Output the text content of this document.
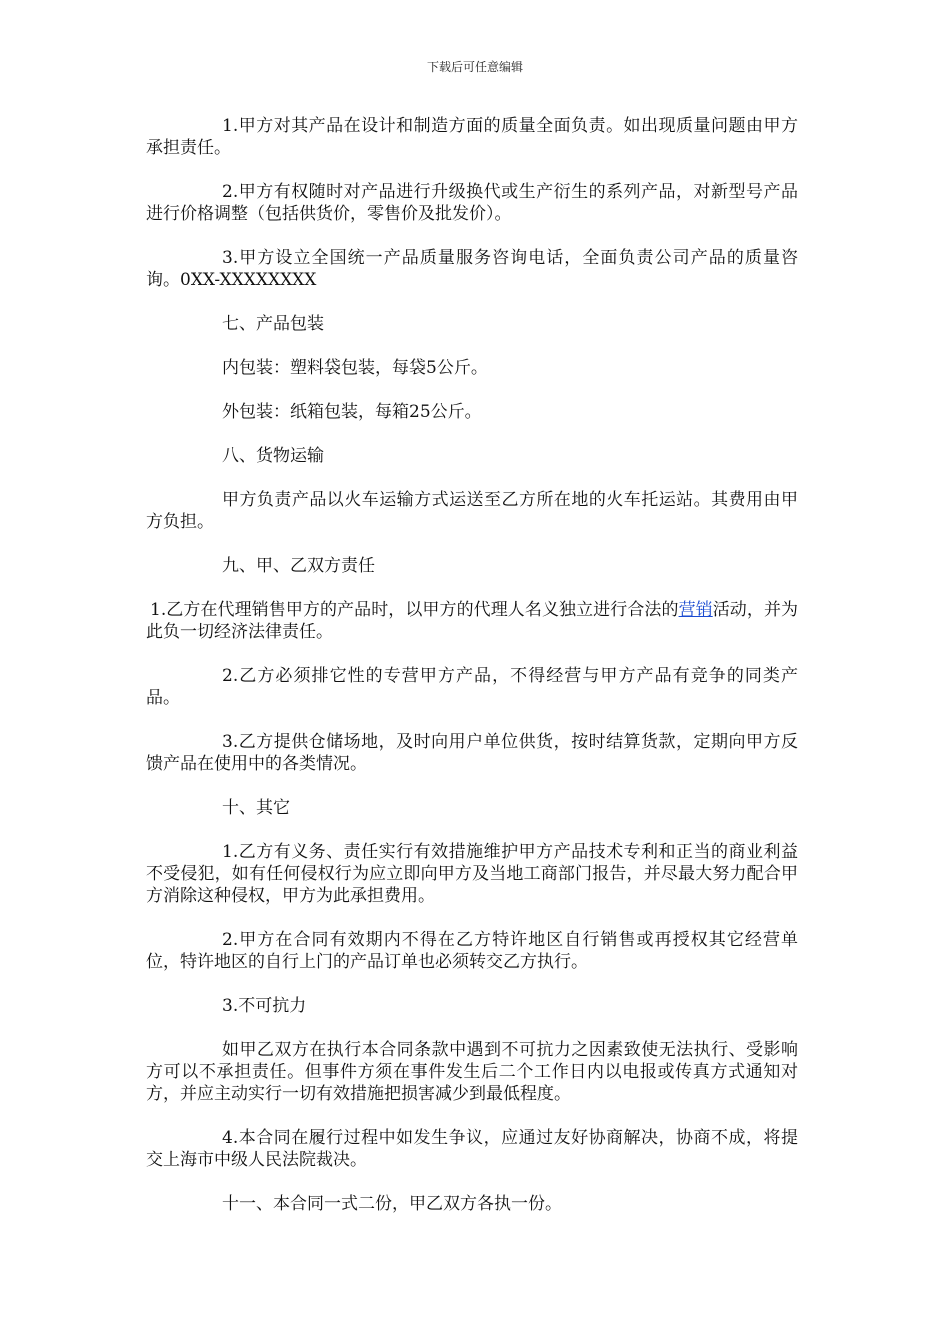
下载后可任意编辑

1.甲方对其产品在设计和制造方面的质量全面负责。如出现质量问题由甲方承担责任。

2.甲方有权随时对产品进行升级换代或生产衍生的系列产品，对新型号产品进行价格调整（包括供货价，零售价及批发价）。

3.甲方设立全国统一产品质量服务咨询电话，全面负责公司产品的质量咨询。0XX-XXXXXXXX

七、产品包装

内包装：塑料袋包装，每袋5公斤。

外包装：纸箱包装，每箱25公斤。

八、货物运输

甲方负责产品以火车运输方式运送至乙方所在地的火车托运站。其费用由甲方负担。

九、甲、乙双方责任

1.乙方在代理销售甲方的产品时，以甲方的代理人名义独立进行合法的营销活动，并为此负一切经济法律责任。

2.乙方必须排它性的专营甲方产品，不得经营与甲方产品有竞争的同类产品。

3.乙方提供仓储场地，及时向用户单位供货，按时结算货款，定期向甲方反馈产品在使用中的各类情况。

十、其它

1.乙方有义务、责任实行有效措施维护甲方产品技术专利和正当的商业利益不受侵犯，如有任何侵权行为应立即向甲方及当地工商部门报告，并尽最大努力配合甲方消除这种侵权，甲方为此承担费用。

2.甲方在合同有效期内不得在乙方特许地区自行销售或再授权其它经营单位，特许地区的自行上门的产品订单也必须转交乙方执行。

3.不可抗力

如甲乙双方在执行本合同条款中遇到不可抗力之因素致使无法执行、受影响方可以不承担责任。但事件方须在事件发生后二个工作日内以电报或传真方式通知对方，并应主动实行一切有效措施把损害减少到最低程度。

4.本合同在履行过程中如发生争议，应通过友好协商解决，协商不成，将提交上海市中级人民法院裁决。

十一、本合同一式二份，甲乙双方各执一份。
